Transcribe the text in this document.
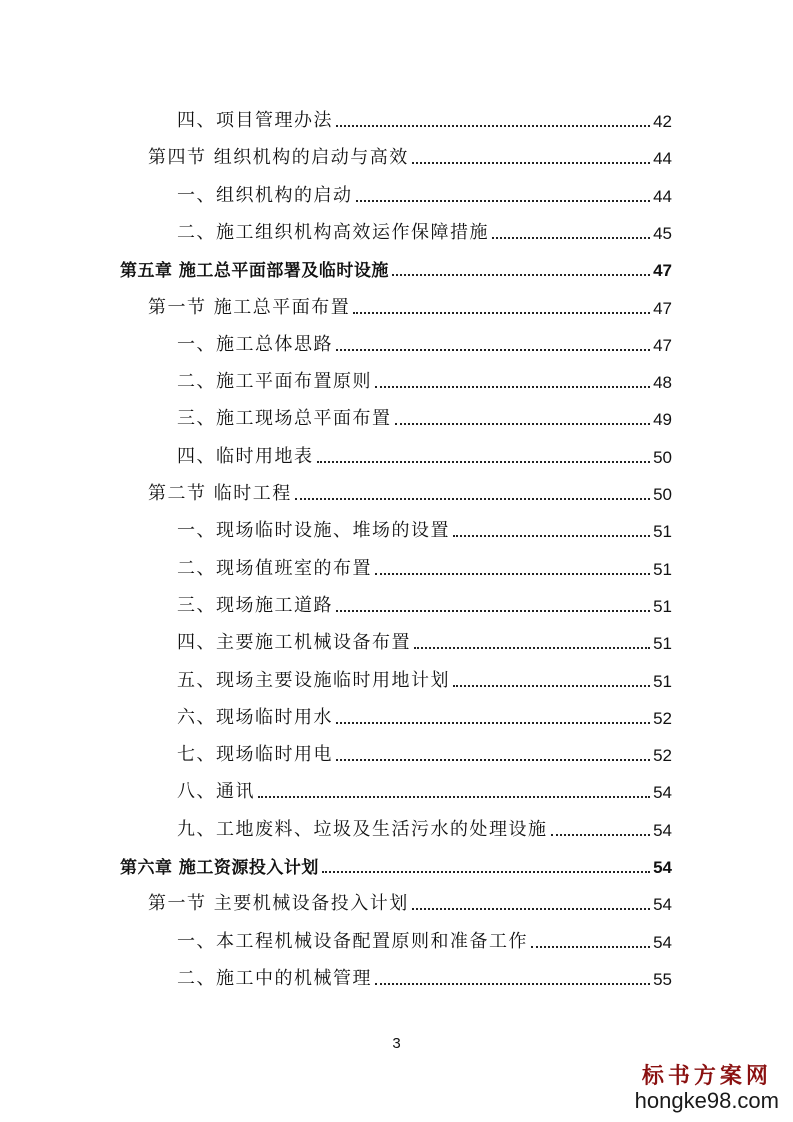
四、项目管理办法	42
第四节 组织机构的启动与高效	44
一、组织机构的启动	44
二、施工组织机构高效运作保障措施	45
第五章 施工总平面部署及临时设施	47
第一节 施工总平面布置	47
一、施工总体思路	47
二、施工平面布置原则	48
三、施工现场总平面布置	49
四、临时用地表	50
第二节 临时工程	50
一、现场临时设施、堆场的设置	51
二、现场值班室的布置	51
三、现场施工道路	51
四、主要施工机械设备布置	51
五、现场主要设施临时用地计划	51
六、现场临时用水	52
七、现场临时用电	52
八、通讯	54
九、工地废料、垃圾及生活污水的处理设施	54
第六章 施工资源投入计划	54
第一节 主要机械设备投入计划	54
一、本工程机械设备配置原则和准备工作	54
二、施工中的机械管理	55
3
标书方案网
hongke98.com
